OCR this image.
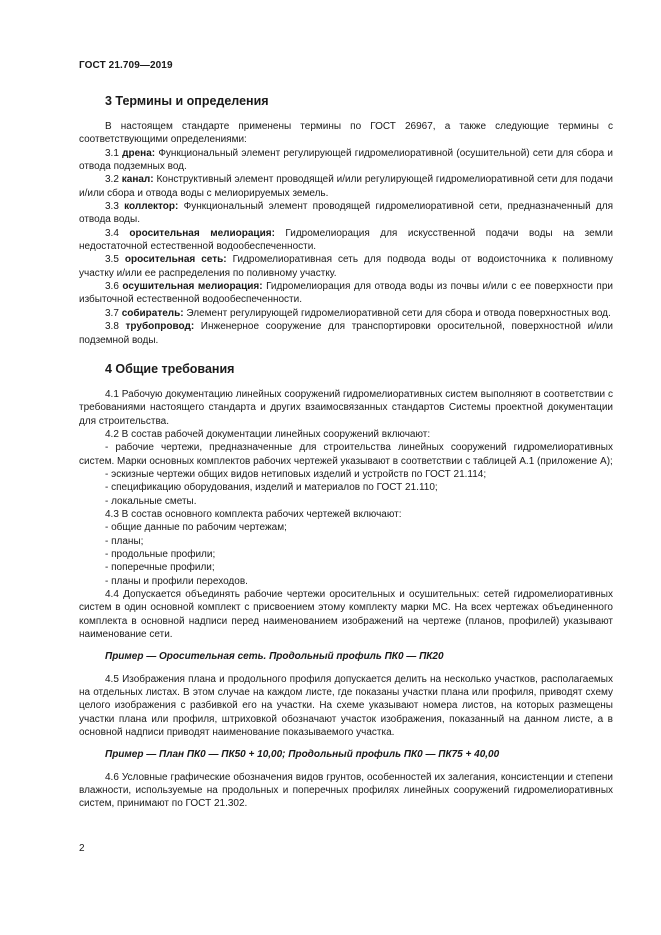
ГОСТ 21.709—2019
3 Термины и определения

В настоящем стандарте применены термины по ГОСТ 26967, а также следующие термины с соответствующими определениями:

3.1 дрена: Функциональный элемент регулирующей гидромелиоративной (осушительной) сети для сбора и отвода подземных вод.

3.2 канал: Конструктивный элемент проводящей и/или регулирующей гидромелиоративной сети для подачи и/или сбора и отвода воды с мелиорируемых земель.

3.3 коллектор: Функциональный элемент проводящей гидромелиоративной сети, предназначенный для отвода воды.

3.4 оросительная мелиорация: Гидромелиорация для искусственной подачи воды на земли недостаточной естественной водообеспеченности.

3.5 оросительная сеть: Гидромелиоративная сеть для подвода воды от водоисточника к поливному участку и/или ее распределения по поливному участку.

3.6 осушительная мелиорация: Гидромелиорация для отвода воды из почвы и/или с ее поверхности при избыточной естественной водообеспеченности.

3.7 собиратель: Элемент регулирующей гидромелиоративной сети для сбора и отвода поверхностных вод.

3.8 трубопровод: Инженерное сооружение для транспортировки оросительной, поверхностной и/или подземной воды.

4 Общие требования

4.1 Рабочую документацию линейных сооружений гидромелиоративных систем выполняют в соответствии с требованиями настоящего стандарта и других взаимосвязанных стандартов Системы проектной документации для строительства.

4.2 В состав рабочей документации линейных сооружений включают:

- рабочие чертежи, предназначенные для строительства линейных сооружений гидромелиоративных систем. Марки основных комплектов рабочих чертежей указывают в соответствии с таблицей А.1 (приложение А);

- эскизные чертежи общих видов нетиповых изделий и устройств по ГОСТ 21.114;

- спецификацию оборудования, изделий и материалов по ГОСТ 21.110;

- локальные сметы.

4.3 В состав основного комплекта рабочих чертежей включают:

- общие данные по рабочим чертежам;

- планы;

- продольные профили;

- поперечные профили;

- планы и профили переходов.

4.4 Допускается объединять рабочие чертежи оросительных и осушительных: сетей гидромелиоративных систем в один основной комплект с присвоением этому комплекту марки МС. На всех чертежах объединенного комплекта в основной надписи перед наименованием изображений на чертеже (планов, профилей) указывают наименование сети.

Пример — Оросительная сеть. Продольный профиль ПК0 — ПК20

4.5 Изображения плана и продольного профиля допускается делить на несколько участков, располагаемых на отдельных листах. В этом случае на каждом листе, где показаны участки плана или профиля, приводят схему целого изображения с разбивкой его на участки. На схеме указывают номера листов, на которых размещены участки плана или профиля, штриховкой обозначают участок изображения, показанный на данном листе, а в основной надписи приводят наименование показываемого участка.

Пример — План ПК0 — ПК50 + 10,00; Продольный профиль ПК0 — ПК75 + 40,00

4.6 Условные графические обозначения видов грунтов, особенностей их залегания, консистенции и степени влажности, используемые на продольных и поперечных профилях линейных сооружений гидромелиоративных систем, принимают по ГОСТ 21.302.

2
